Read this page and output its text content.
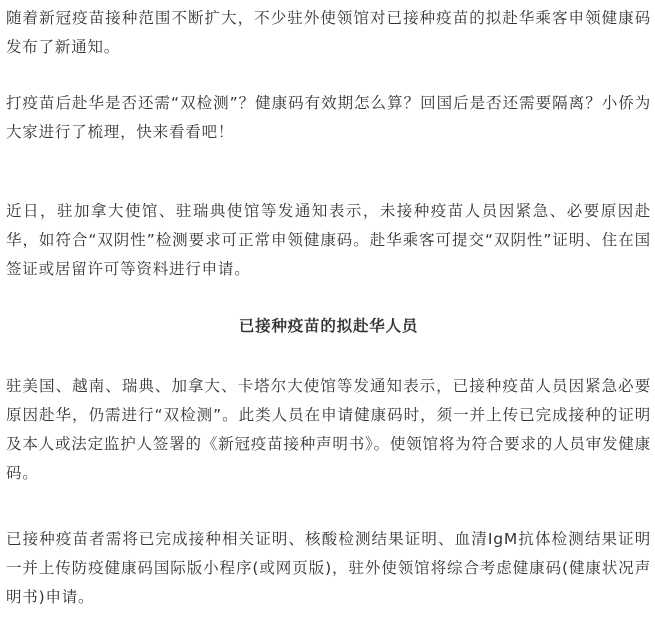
随着新冠疫苗接种范围不断扩大，不少驻外使领馆对已接种疫苗的拟赴华乘客申领健康码发布了新通知。

打疫苗后赴华是否还需“双检测”？健康码有效期怎么算？回国后是否还需要隔离？小侨为大家进行了梳理，快来看看吧！

近日，驻加拿大使馆、驻瑞典使馆等发通知表示，未接种疫苗人员因紧急、必要原因赴华，如符合“双阴性”检测要求可正常申领健康码。赴华乘客可提交“双阴性”证明、住在国签证或居留许可等资料进行申请。

已接种疫苗的拟赴华人员

驻美国、越南、瑞典、加拿大、卡塔尔大使馆等发通知表示，已接种疫苗人员因紧急必要原因赴华，仍需进行“双检测”。此类人员在申请健康码时，须一并上传已完成接种的证明及本人或法定监护人签署的《新冠疫苗接种声明书》。使领馆将为符合要求的人员审发健康码。

已接种疫苗者需将已完成接种相关证明、核酸检测结果证明、血清IgM抗体检测结果证明一并上传防疫健康码国际版小程序(或网页版)，驻外使领馆将综合考虑健康码(健康状况声明书)申请。
